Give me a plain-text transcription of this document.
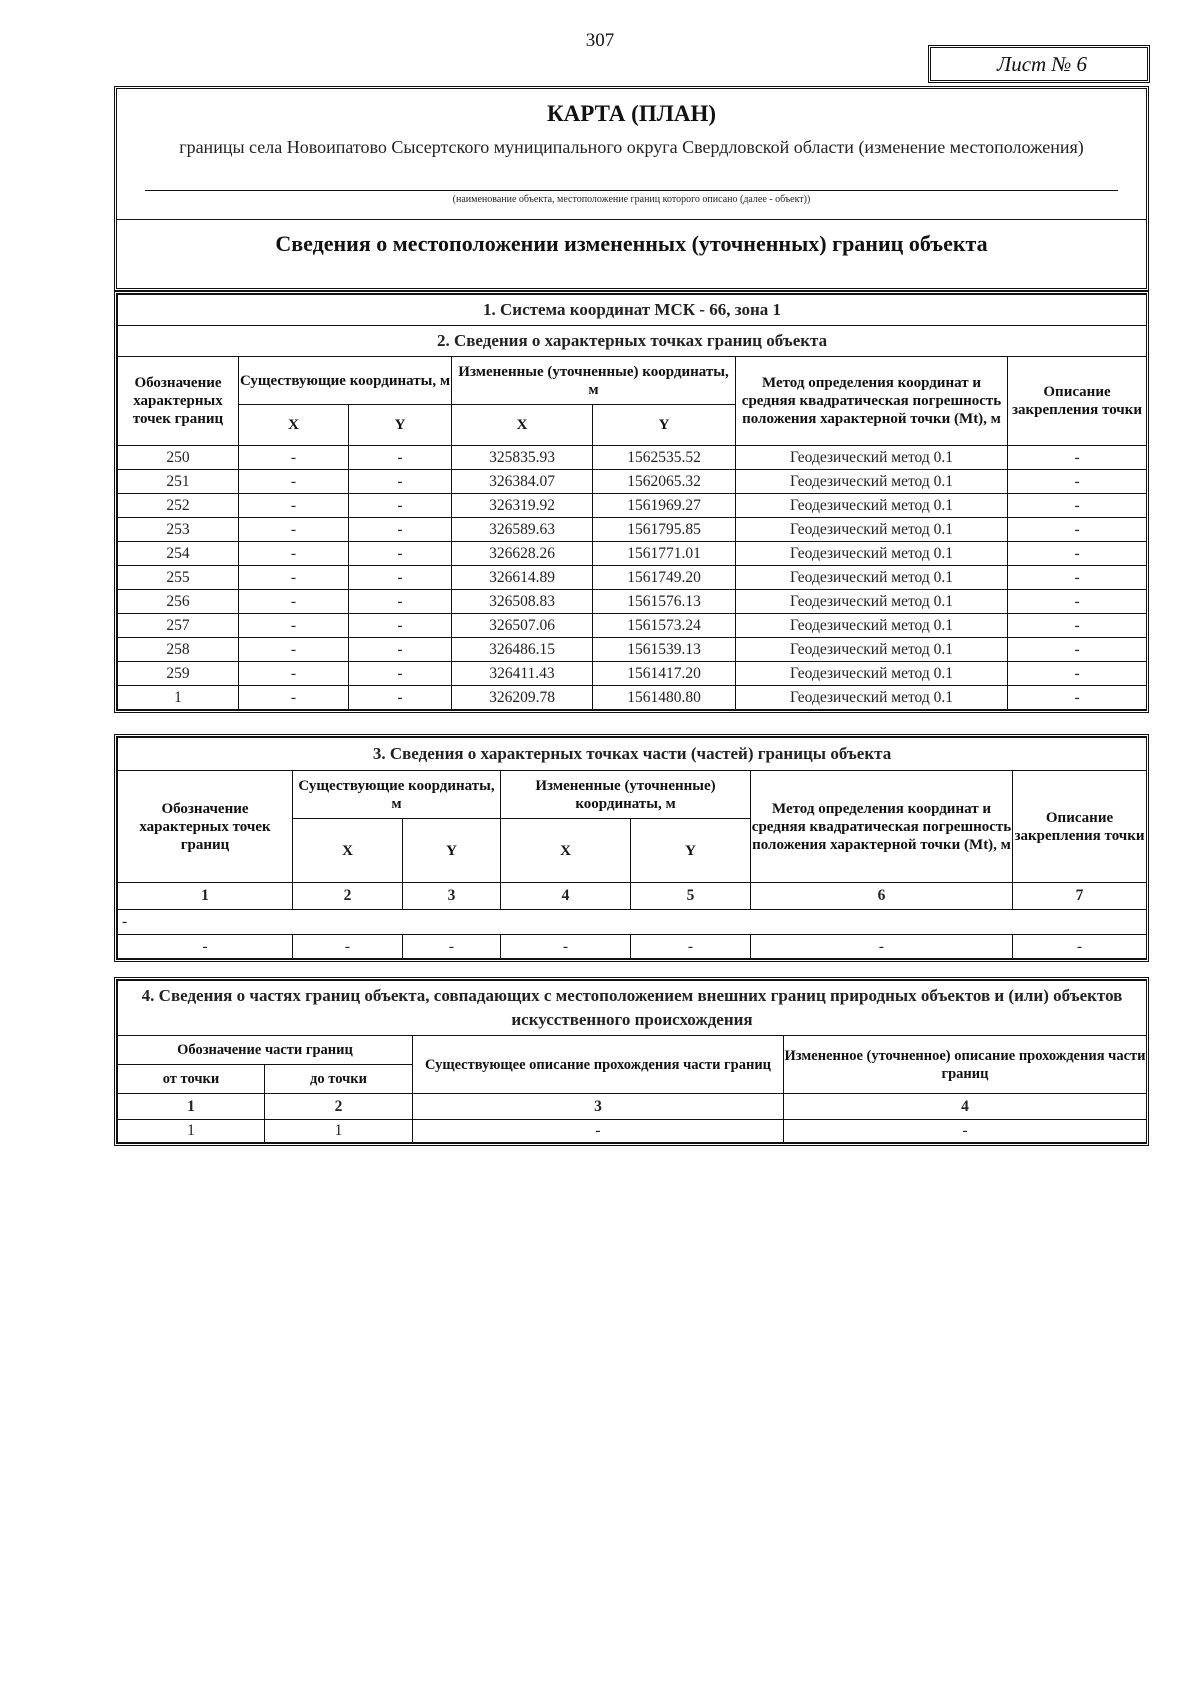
307
Лист № 6
КАРТА (ПЛАН)
границы села Новоипатово Сысертского муниципального округа Свердловской области (изменение местоположения)
(наименование объекта, местоположение границ которого описано (далее - объект))
Сведения о местоположении измененных (уточненных) границ объекта
1. Система координат МСК - 66, зона 1						
2. Сведения о характерных точках границ объекта						
Обозначение характерных точек границ	Существующие координаты, м		Измененные (уточненные) координаты, м		Метод определения координат и средняя квадратическая погрешность положения характерной точки (Mt), м	Описание закрепления точки
	X	Y	X	Y		
250	-	-	325835.93	1562535.52	Геодезический метод 0.1	-
251	-	-	326384.07	1562065.32	Геодезический метод 0.1	-
252	-	-	326319.92	1561969.27	Геодезический метод 0.1	-
253	-	-	326589.63	1561795.85	Геодезический метод 0.1	-
254	-	-	326628.26	1561771.01	Геодезический метод 0.1	-
255	-	-	326614.89	1561749.20	Геодезический метод 0.1	-
256	-	-	326508.83	1561576.13	Геодезический метод 0.1	-
257	-	-	326507.06	1561573.24	Геодезический метод 0.1	-
258	-	-	326486.15	1561539.13	Геодезический метод 0.1	-
259	-	-	326411.43	1561417.20	Геодезический метод 0.1	-
1	-	-	326209.78	1561480.80	Геодезический метод 0.1	-
3. Сведения о характерных точках части (частей) границы объекта						
Обозначение характерных точек границ	Существующие координаты, м		Измененные (уточненные) координаты, м		Метод определения координат и средняя квадратическая погрешность положения характерной точки (Mt), м	Описание закрепления точки
	X	Y	X	Y		
1	2	3	4	5	6	7
-						
-	-	-	-	-	-	-
4. Сведения о частях границ объекта, совпадающих с местоположением внешних границ природных объектов и (или) объектов искусственного происхождения			
Обозначение части границ		Существующее описание прохождения части границ	Измененное (уточненное) описание прохождения части границ
от точки	до точки		
1	2	3	4
1	1	-	-
